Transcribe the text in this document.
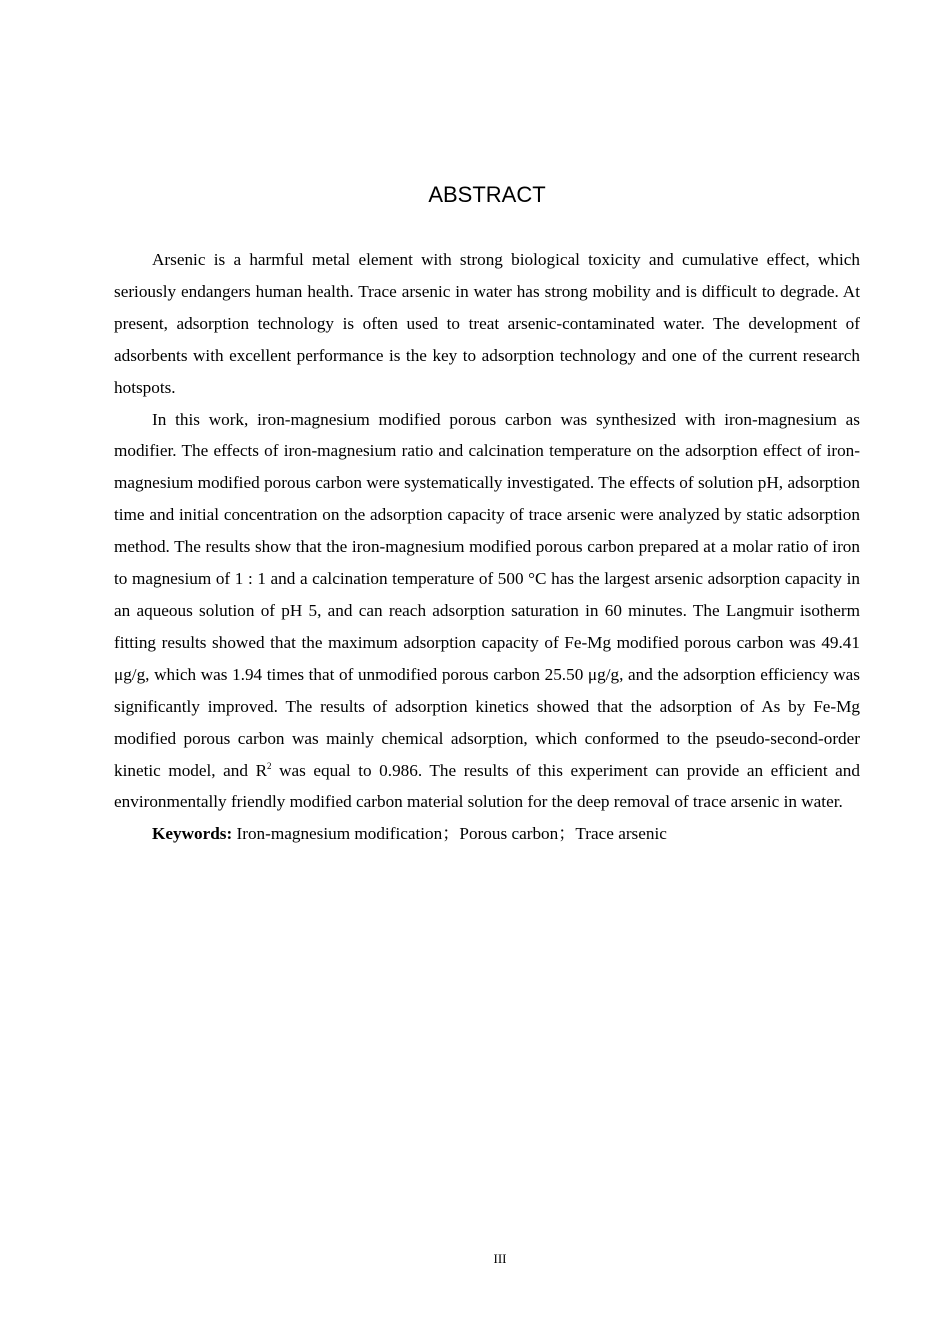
ABSTRACT

Arsenic is a harmful metal element with strong biological toxicity and cumulative effect, which seriously endangers human health. Trace arsenic in water has strong mobility and is difficult to degrade. At present, adsorption technology is often used to treat arsenic-contaminated water. The development of adsorbents with excellent performance is the key to adsorption technology and one of the current research hotspots.

In this work, iron-magnesium modified porous carbon was synthesized with iron-magnesium as modifier. The effects of iron-magnesium ratio and calcination temperature on the adsorption effect of iron-magnesium modified porous carbon were systematically investigated. The effects of solution pH, adsorption time and initial concentration on the adsorption capacity of trace arsenic were analyzed by static adsorption method. The results show that the iron-magnesium modified porous carbon prepared at a molar ratio of iron to magnesium of 1 : 1 and a calcination temperature of 500 °C has the largest arsenic adsorption capacity in an aqueous solution of pH 5, and can reach adsorption saturation in 60 minutes. The Langmuir isotherm fitting results showed that the maximum adsorption capacity of Fe-Mg modified porous carbon was 49.41 μg/g, which was 1.94 times that of unmodified porous carbon 25.50 μg/g, and the adsorption efficiency was significantly improved. The results of adsorption kinetics showed that the adsorption of As by Fe-Mg modified porous carbon was mainly chemical adsorption, which conformed to the pseudo-second-order kinetic model, and $R^2$ was equal to 0.986. The results of this experiment can provide an efficient and environmentally friendly modified carbon material solution for the deep removal of trace arsenic in water.

Keywords: Iron-magnesium modification；Porous carbon；Trace arsenic

III
